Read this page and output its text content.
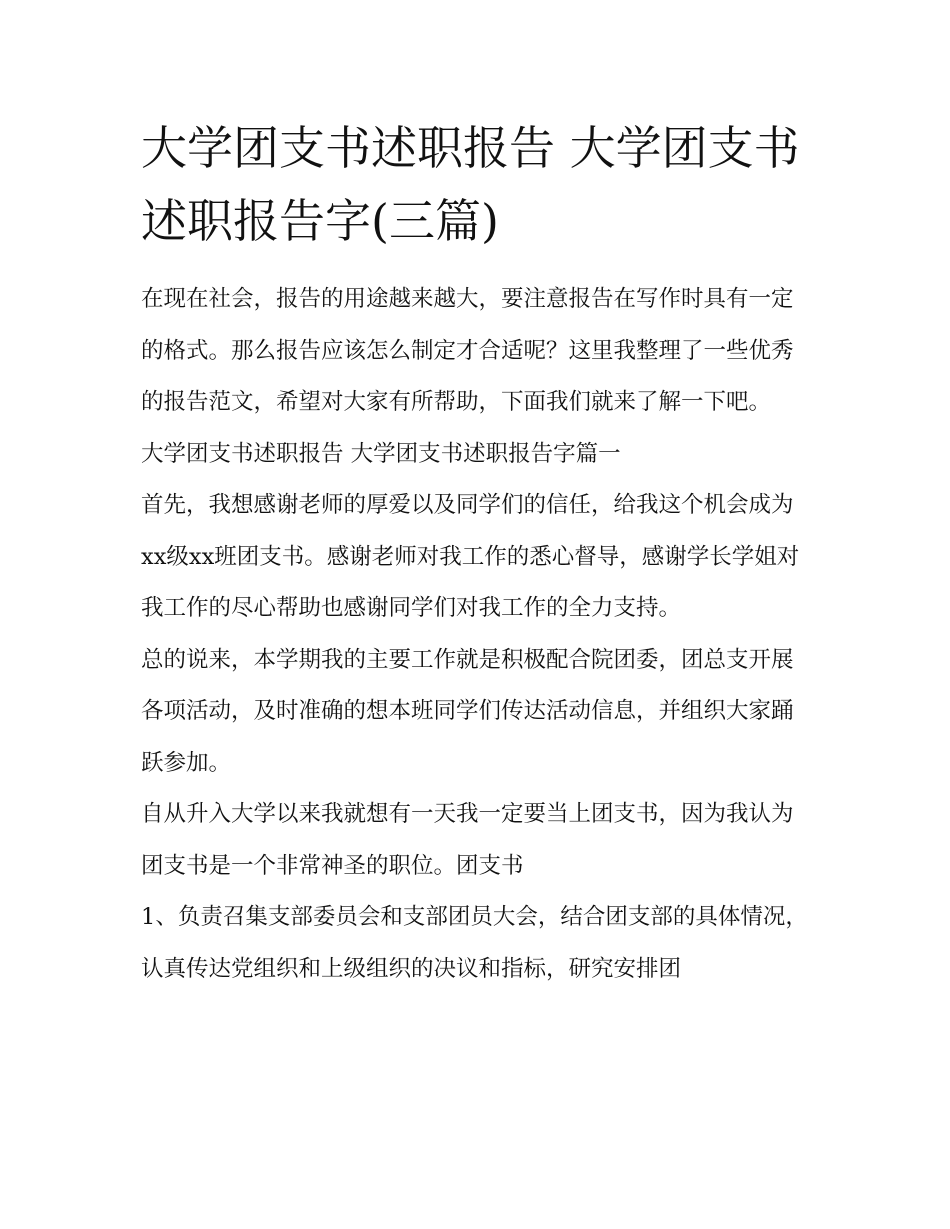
大学团支书述职报告 大学团支书述职报告字(三篇)

在现在社会，报告的用途越来越大，要注意报告在写作时具有一定的格式。那么报告应该怎么制定才合适呢？这里我整理了一些优秀的报告范文，希望对大家有所帮助，下面我们就来了解一下吧。

大学团支书述职报告 大学团支书述职报告字篇一

首先，我想感谢老师的厚爱以及同学们的信任，给我这个机会成为xx级xx班团支书。感谢老师对我工作的悉心督导，感谢学长学姐对我工作的尽心帮助也感谢同学们对我工作的全力支持。

总的说来，本学期我的主要工作就是积极配合院团委，团总支开展各项活动，及时准确的想本班同学们传达活动信息，并组织大家踊跃参加。

自从升入大学以来我就想有一天我一定要当上团支书，因为我认为团支书是一个非常神圣的职位。团支书

1、负责召集支部委员会和支部团员大会，结合团支部的具体情况，认真传达党组织和上级组织的决议和指标，研究安排团
